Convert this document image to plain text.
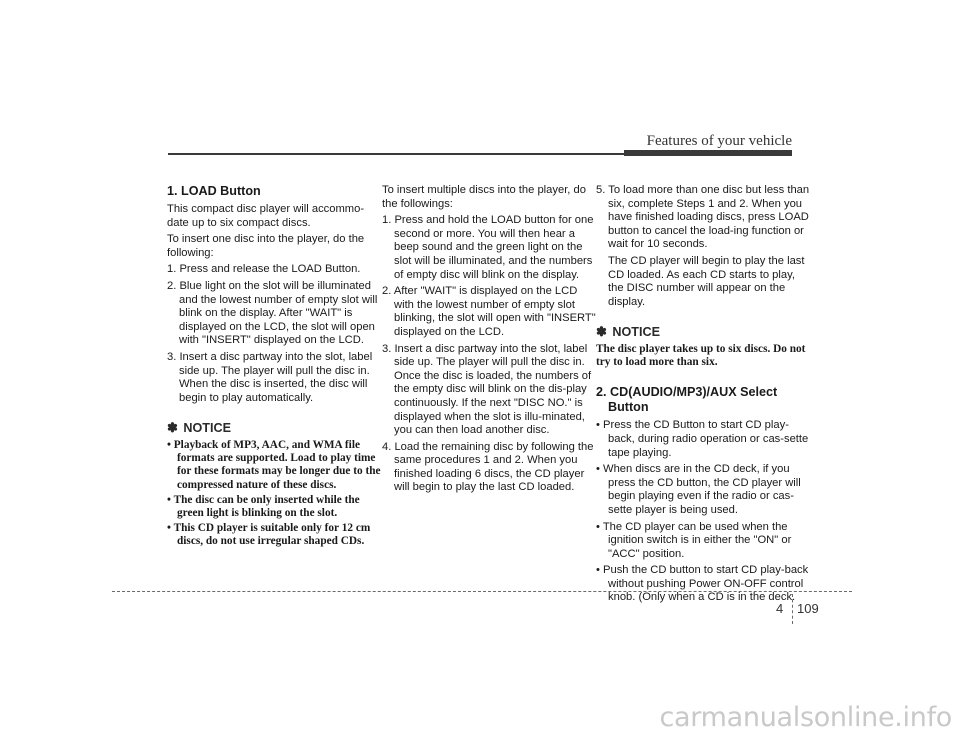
Features of your vehicle
1. LOAD Button
This compact disc player will accommo-date up to six compact discs.
To insert one disc into the player, do the following:
1. Press and release the LOAD Button.
2. Blue light on the slot will be illuminated and the lowest number of empty slot will blink on the display. After "WAIT" is displayed on the LCD, the slot will open with "INSERT" displayed on the LCD.
3. Insert a disc partway into the slot, label side up. The player will pull the disc in. When the disc is inserted, the disc will begin to play automatically.
✽ NOTICE
• Playback of MP3, AAC, and WMA file formats are supported. Load to play time for these formats may be longer due to the compressed nature of these discs.
• The disc can be only inserted while the green light is blinking on the slot.
• This CD player is suitable only for 12 cm discs, do not use irregular shaped CDs.
To insert multiple discs into the player, do the followings:
1. Press and hold the LOAD button for one second or more. You will then hear a beep sound and the green light on the slot will be illuminated, and the numbers of empty disc will blink on the display.
2. After "WAIT" is displayed on the LCD with the lowest number of empty slot blinking, the slot will open with "INSERT" displayed on the LCD.
3. Insert a disc partway into the slot, label side up. The player will pull the disc in. Once the disc is loaded, the numbers of the empty disc will blink on the dis-play continuously. If the next "DISC NO." is displayed when the slot is illu-minated, you can then load another disc.
4. Load the remaining disc by following the same procedures 1 and 2. When you finished loading 6 discs, the CD player will begin to play the last CD loaded.
5. To load more than one disc but less than six, complete Steps 1 and 2. When you have finished loading discs, press LOAD button to cancel the load-ing function or wait for 10 seconds.
The CD player will begin to play the last CD loaded. As each CD starts to play, the DISC number will appear on the display.
✽ NOTICE
The disc player takes up to six discs. Do not try to load more than six.
2. CD(AUDIO/MP3)/AUX Select
Button
• Press the CD Button to start CD play-back, during radio operation or cas-sette tape playing.
• When discs are in the CD deck, if you press the CD button, the CD player will begin playing even if the radio or cas-sette player is being used.
• The CD player can be used when the ignition switch is in either the "ON" or "ACC" position.
• Push the CD button to start CD play-back without pushing Power ON-OFF control knob. (Only when a CD is in the deck.
4 109
carmanualsonline.info
